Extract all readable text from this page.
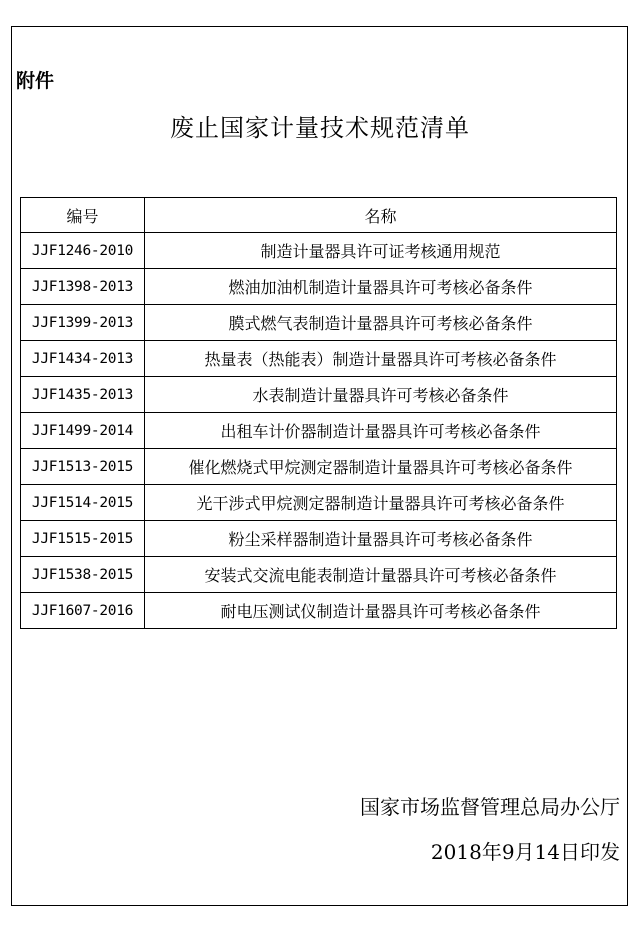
附件
废止国家计量技术规范清单
编号	名称
JJF1246-2010	制造计量器具许可证考核通用规范
JJF1398-2013	燃油加油机制造计量器具许可考核必备条件
JJF1399-2013	膜式燃气表制造计量器具许可考核必备条件
JJF1434-2013	热量表（热能表）制造计量器具许可考核必备条件
JJF1435-2013	水表制造计量器具许可考核必备条件
JJF1499-2014	出租车计价器制造计量器具许可考核必备条件
JJF1513-2015	催化燃烧式甲烷测定器制造计量器具许可考核必备条件
JJF1514-2015	光干涉式甲烷测定器制造计量器具许可考核必备条件
JJF1515-2015	粉尘采样器制造计量器具许可考核必备条件
JJF1538-2015	安装式交流电能表制造计量器具许可考核必备条件
JJF1607-2016	耐电压测试仪制造计量器具许可考核必备条件
国家市场监督管理总局办公厅
2018年9月14日印发
